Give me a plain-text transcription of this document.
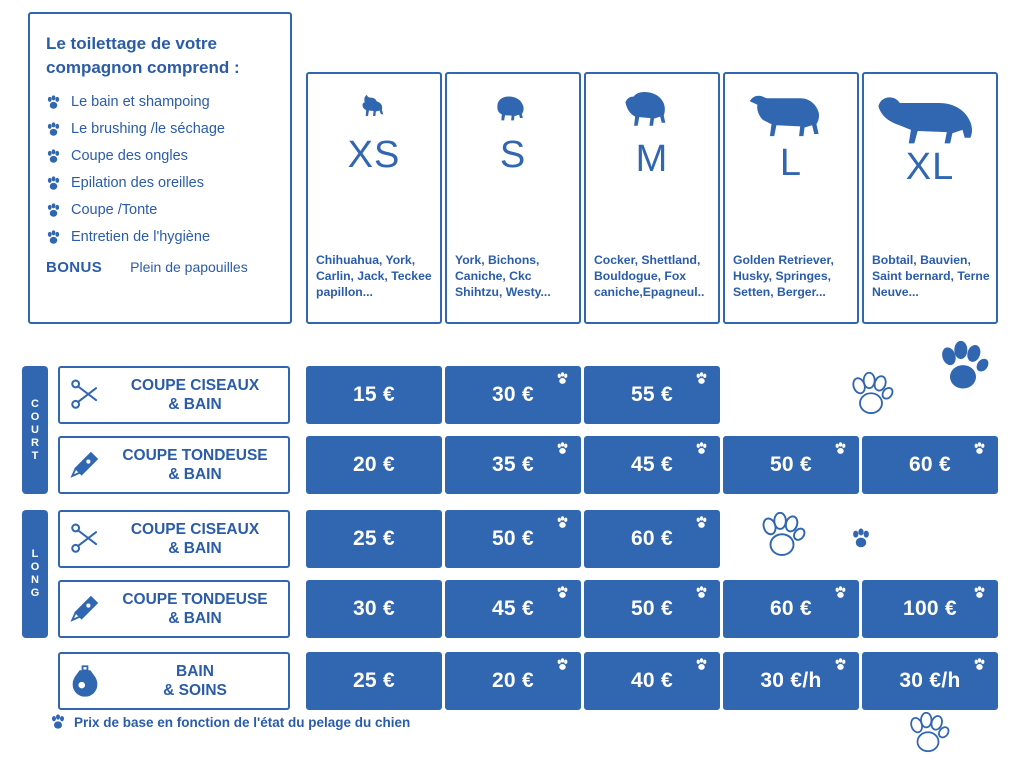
Le toilettage de votre compagnon comprend :
Le bain et shampoing
Le brushing /le séchage
Coupe des ongles
Epilation des oreilles
Coupe /Tonte
Entretien de l'hygiène
BONUS Plein de papouilles
XS
Chihuahua, York, Carlin, Jack, Teckee papillon...
S
York, Bichons, Caniche, Ckc Shihtzu, Westy...
M
Cocker, Shettland, Bouldogue, Fox caniche,Epagneul..
L
Golden Retriever, Husky, Springes, Setten, Berger...
XL
Bobtail, Bauvien, Saint bernard, Terne Neuve...
COURT
LONG
COUPE CISEAUX
& BAIN	15 €	30 €	55 €
COUPE TONDEUSE
& BAIN	20 €	35 €	45 €	50 €	60 €
COUPE CISEAUX
& BAIN	25 €	50 €	60 €
COUPE TONDEUSE
& BAIN	30 €	45 €	50 €	60 €	100 €
BAIN
& SOINS	25 €	20 €	40 €	30 €/h	30 €/h
Prix de base en fonction de l'état du pelage du chien
